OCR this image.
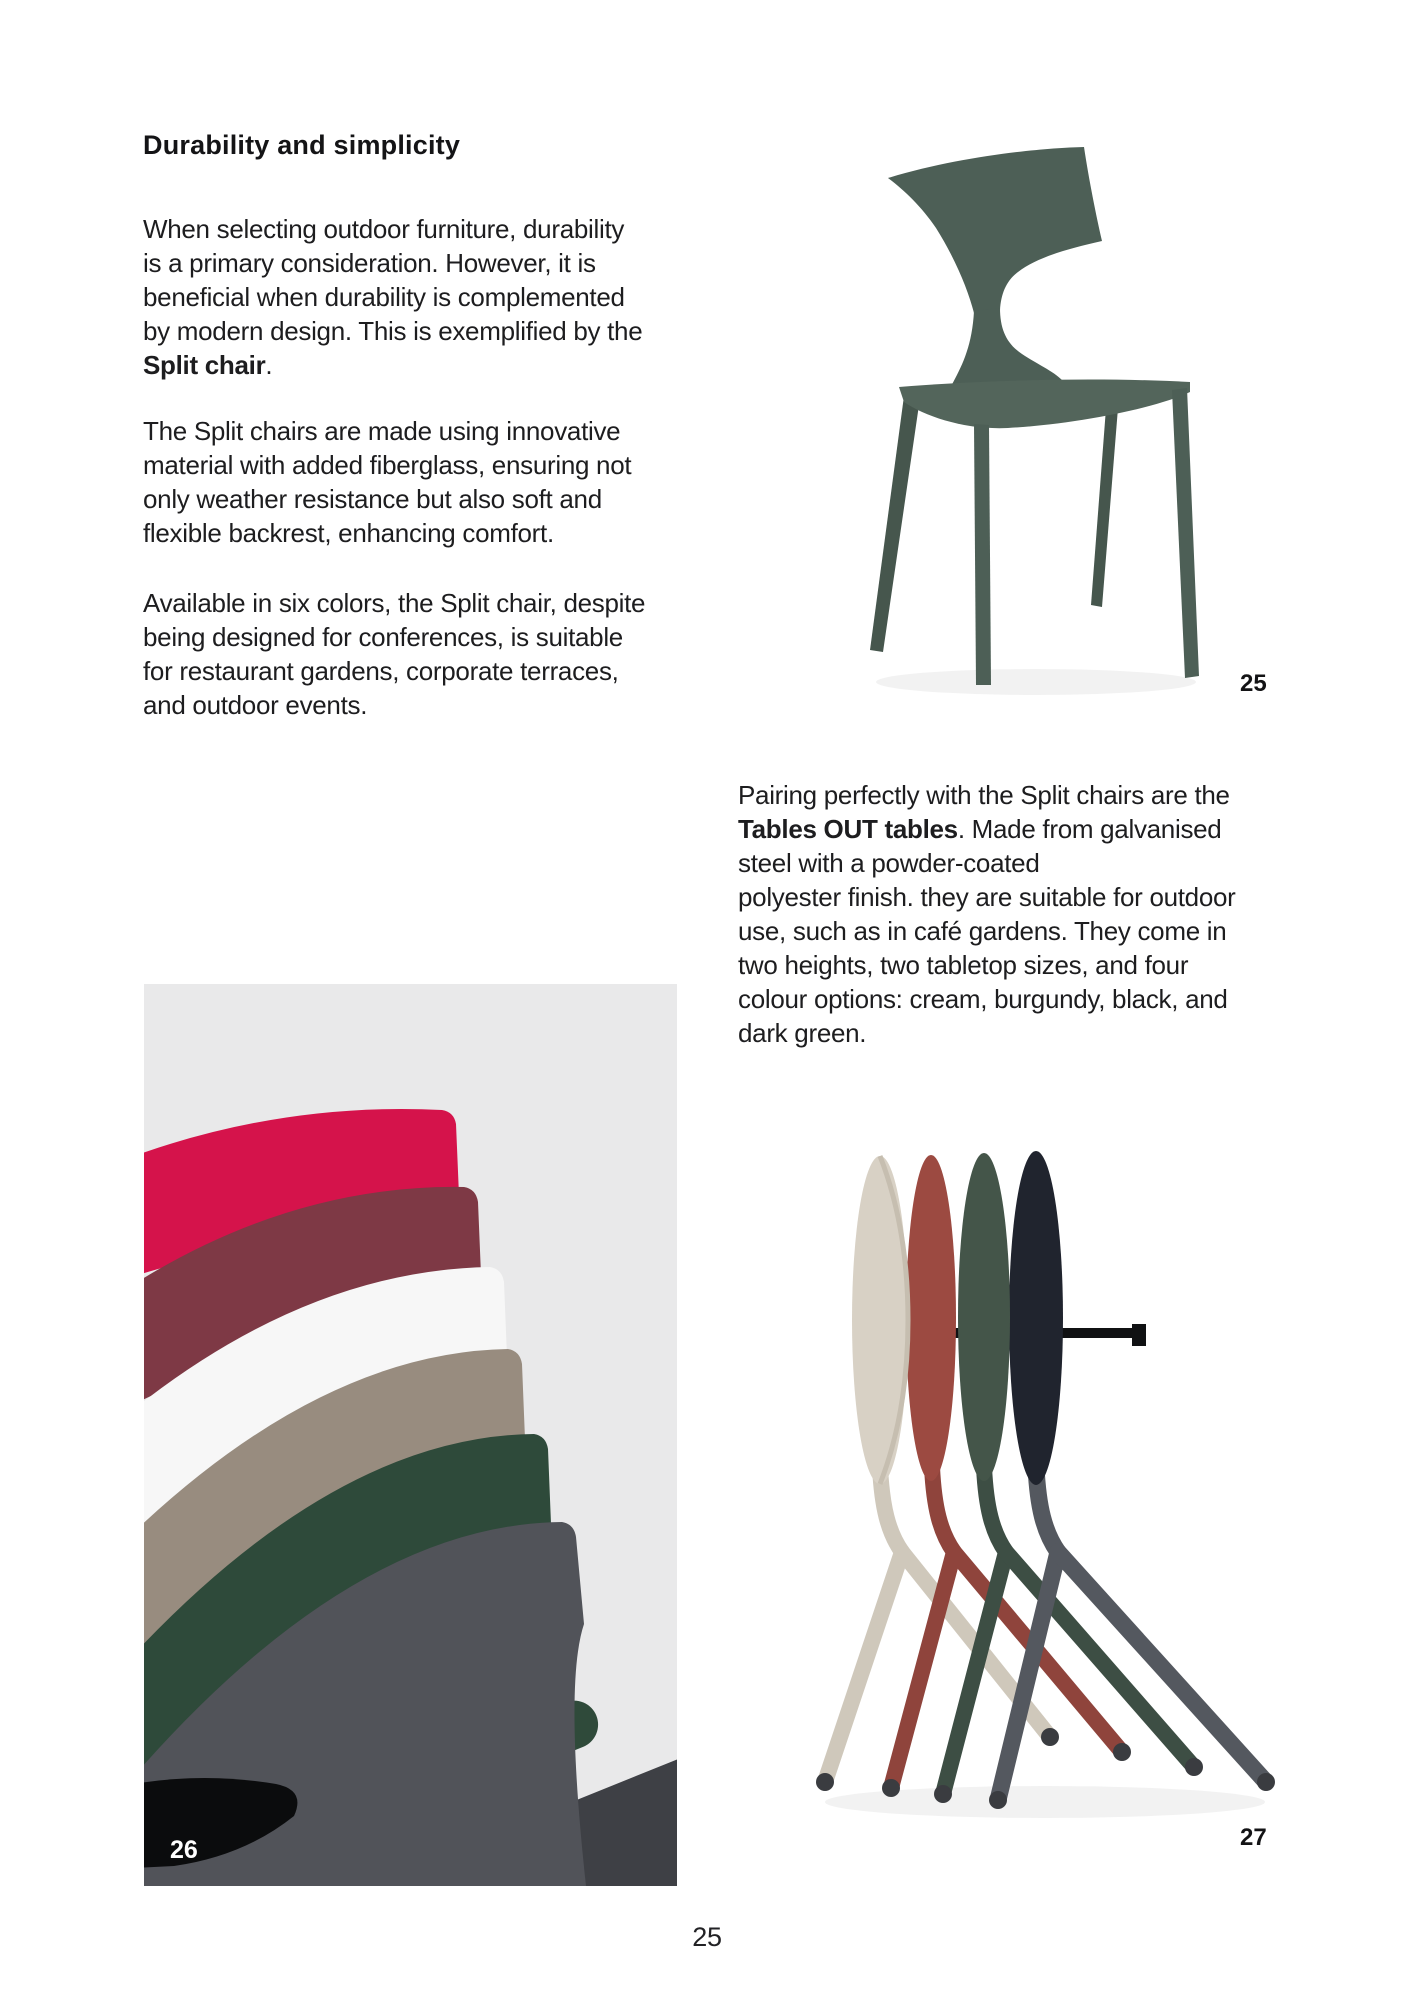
Durability and simplicity
When selecting outdoor furniture, durability
is a primary consideration. However, it is
beneficial when durability is complemented
by modern design. This is exemplified by the
Split chair.
The Split chairs are made using innovative
material with added fiberglass, ensuring not
only weather resistance but also soft and
flexible backrest, enhancing comfort.
Available in six colors, the Split chair, despite
being designed for conferences, is suitable
for restaurant gardens, corporate terraces,
and outdoor events.
Pairing perfectly with the Split chairs are the
Tables OUT tables. Made from galvanised
steel with a powder-coated
polyester finish. they are suitable for outdoor
use, such as in café gardens. They come in
two heights, two tabletop sizes, and four
colour options: cream, burgundy, black, and
dark green.
25
26	27
25
